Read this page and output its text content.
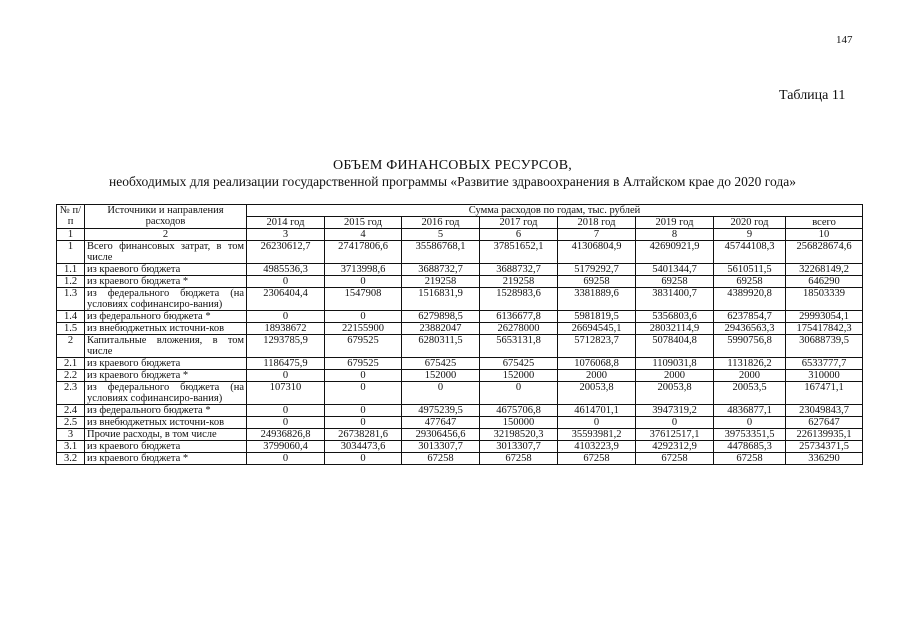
147
Таблица 11
ОБЪЕМ ФИНАНСОВЫХ РЕСУРСОВ,
необходимых для реализации государственной программы «Развитие здравоохранения в Алтайском крае до 2020 года»
№ п/п	Источники и направления расходов	Сумма расходов по годам, тыс. рублей							
		2014 год	2015 год	2016 год	2017 год	2018 год	2019 год	2020 год	всего
1	2	3	4	5	6	7	8	9	10
1	Всего финансовых затрат, в том числе	26230612,7	27417806,6	35586768,1	37851652,1	41306804,9	42690921,9	45744108,3	256828674,6
1.1	из краевого бюджета	4985536,3	3713998,6	3688732,7	3688732,7	5179292,7	5401344,7	5610511,5	32268149,2
1.2	из краевого бюджета *	0	0	219258	219258	69258	69258	69258	646290
1.3	из федерального бюджета (на условиях софинансиро-вания)	2306404,4	1547908	1516831,9	1528983,6	3381889,6	3831400,7	4389920,8	18503339
1.4	из федерального бюджета *	0	0	6279898,5	6136677,8	5981819,5	5356803,6	6237854,7	29993054,1
1.5	из внебюджетных источни-ков	18938672	22155900	23882047	26278000	26694545,1	28032114,9	29436563,3	175417842,3
2	Капитальные вложения, в том числе	1293785,9	679525	6280311,5	5653131,8	5712823,7	5078404,8	5990756,8	30688739,5
2.1	из краевого бюджета	1186475,9	679525	675425	675425	1076068,8	1109031,8	1131826,2	6533777,7
2.2	из краевого бюджета *	0	0	152000	152000	2000	2000	2000	310000
2.3	из федерального бюджета (на условиях софинансиро-вания)	107310	0	0	0	20053,8	20053,8	20053,5	167471,1
2.4	из федерального бюджета *	0	0	4975239,5	4675706,8	4614701,1	3947319,2	4836877,1	23049843,7
2.5	из внебюджетных источни-ков	0	0	477647	150000	0	0	0	627647
3	Прочие расходы, в том числе	24936826,8	26738281,6	29306456,6	32198520,3	35593981,2	37612517,1	39753351,5	226139935,1
3.1	из краевого бюджета	3799060,4	3034473,6	3013307,7	3013307,7	4103223,9	4292312,9	4478685,3	25734371,5
3.2	из краевого бюджета *	0	0	67258	67258	67258	67258	67258	336290
